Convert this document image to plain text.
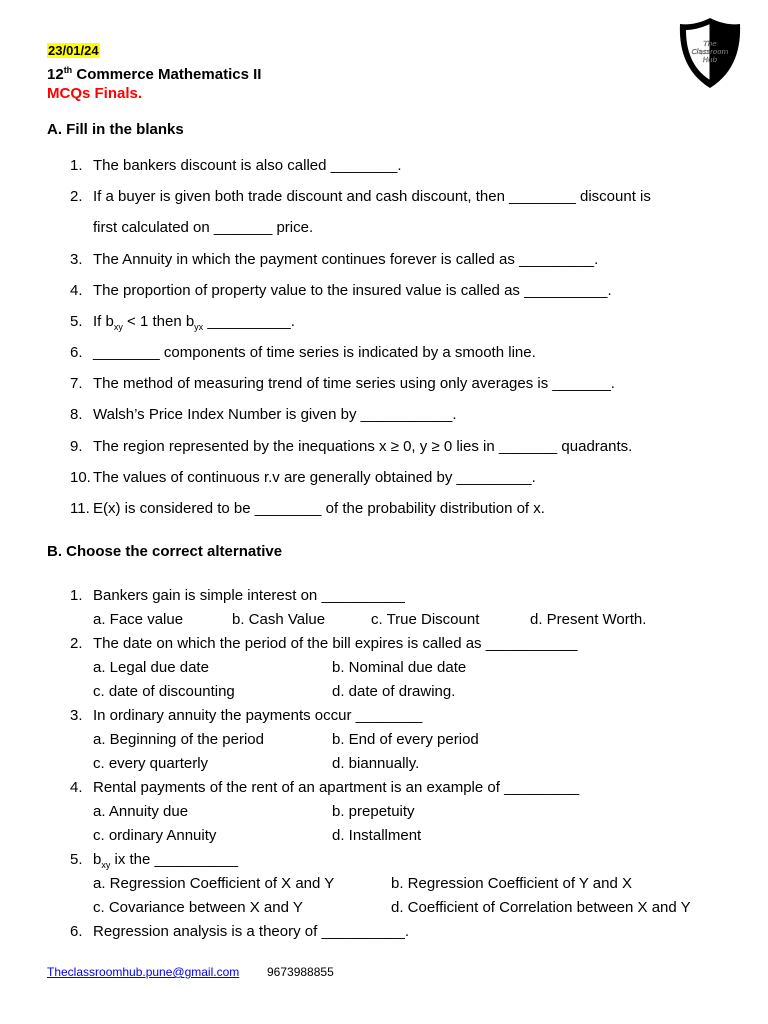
23/01/24
12th Commerce Mathematics II
MCQs Finals.
The
Classroom
Hub
A. Fill in the blanks
1. The bankers discount is also called ________.
2. If a buyer is given both trade discount and cash discount, then ________ discount is
first calculated on _______ price.
3. The Annuity in which the payment continues forever is called as _________.
4. The proportion of property value to the insured value is called as __________.
5. If $b_{xy} < 1$ then $b_{yx}$ __________.
6. ________ components of time series is indicated by a smooth line.
7. The method of measuring trend of time series using only averages is _______.
8. Walsh’s Price Index Number is given by ___________.
9. The region represented by the inequations x ≥ 0, y ≥ 0 lies in _______ quadrants.
10. The values of continuous r.v are generally obtained by _________.
11. E(x) is considered to be ________ of the probability distribution of x.
B. Choose the correct alternative
1. Bankers gain is simple interest on __________
a. Face value	b. Cash Value	c. True Discount	d. Present Worth.
2. The date on which the period of the bill expires is called as ___________
a. Legal due date	b. Nominal due date
c. date of discounting	d. date of drawing.
3. In ordinary annuity the payments occur ________
a. Beginning of the period	b. End of every period
c. every quarterly	d. biannually.
4. Rental payments of the rent of an apartment is an example of _________
a. Annuity due	b. prepetuity
c. ordinary Annuity	d. Installment
5. $b_{xy}$ ix the __________
a. Regression Coefficient of X and Y	b. Regression Coefficient of Y and X
c. Covariance between X and Y	d. Coefficient of Correlation between X and Y
6. Regression analysis is a theory of __________.
Theclassroomhub.pune@gmail.com 9673988855
